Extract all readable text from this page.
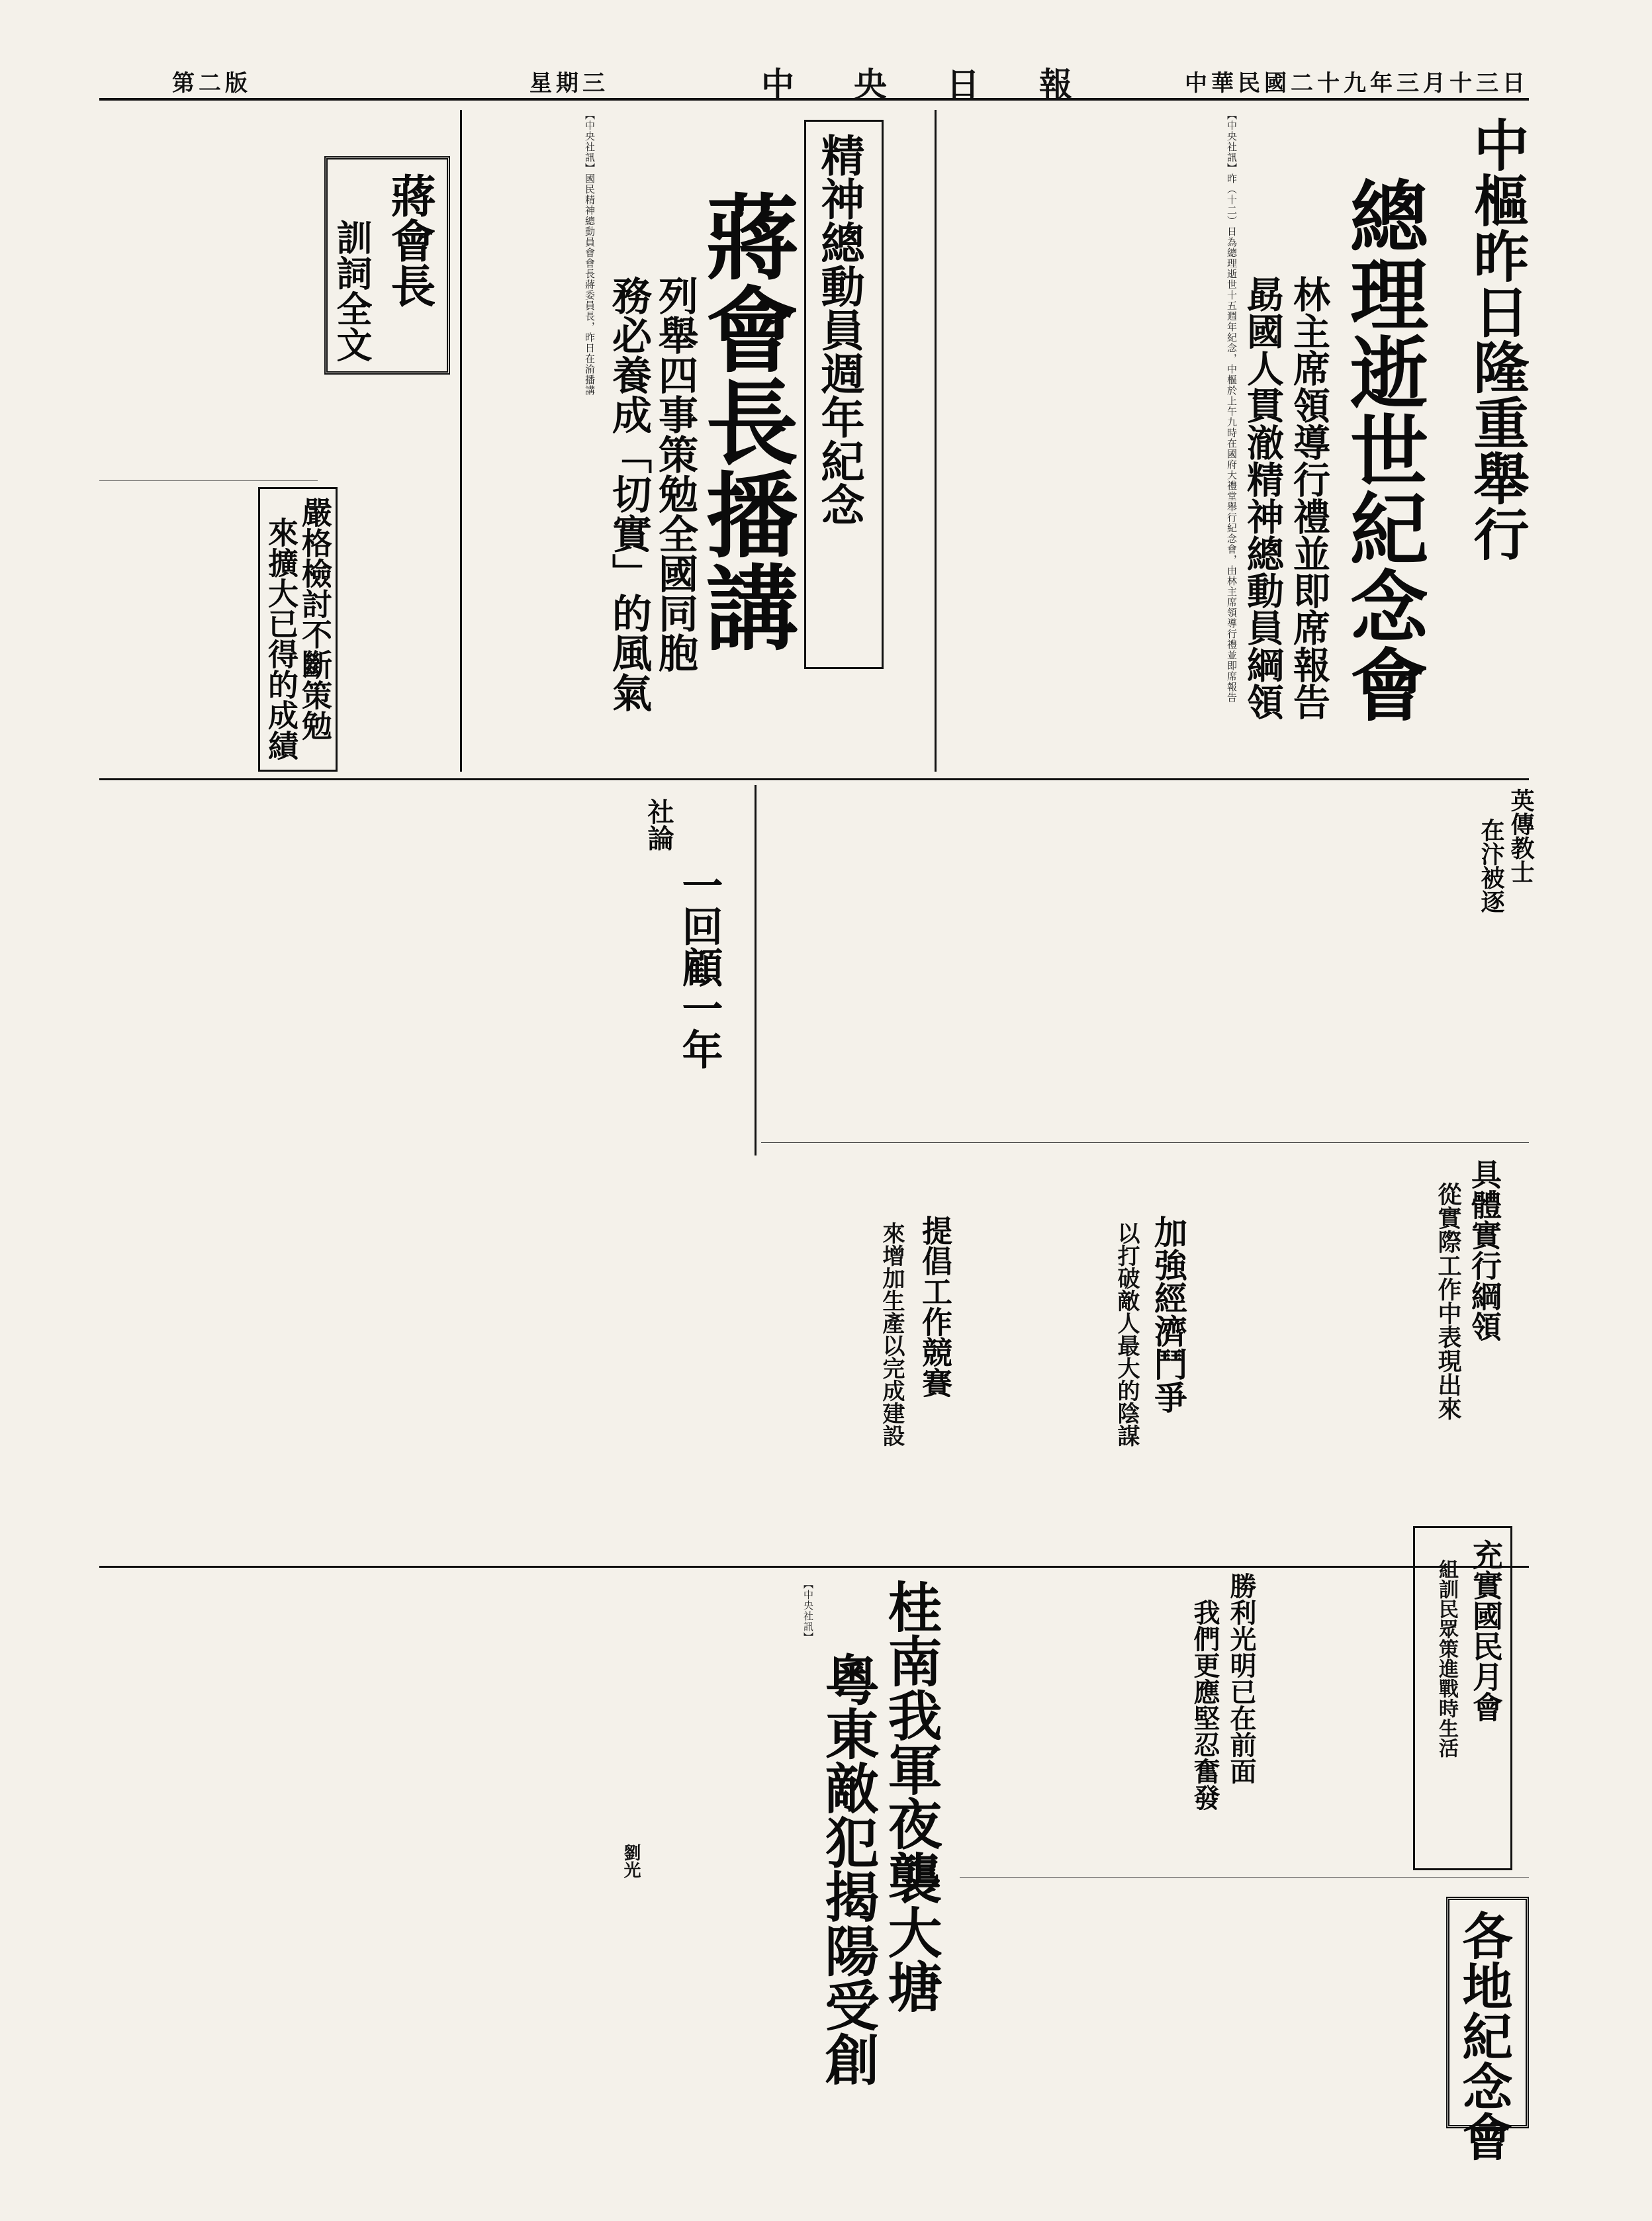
中華民國二十九年三月十三日
中　央　日　報
星期三
第二版
中樞昨日隆重舉行
總理逝世紀念會
林主席領導行禮並即席報告
勗國人貫澈精神總動員綱領
【中央社訊】昨（十二）日為總理逝世十五週年紀念，中樞於上午九時在國府大禮堂舉行紀念會，由林主席領導行禮並即席報告
精神總動員週年紀念
蔣會長播講
列舉四事策勉全國同胞
務必養成「切實」的風氣
【中央社訊】國民精神總動員會會長蔣委員長，昨日在渝播講
蔣會長
訓詞全文
嚴格檢討不斷策勉
來擴大已得的成績
英傳教士
在汴被逐
社論
一回顧一年
具體實行綱領
從實際工作中表現出來
加強經濟鬥爭
以打破敵人最大的陰謀
提倡工作競賽
來增加生產以完成建設
充實國民月會
組訓民眾策進戰時生活
勝利光明已在前面
我們更應堅忍奮發
桂南我軍夜襲大塘
粵東敵犯揭陽受創
【中央社訊】
各地紀念會
劉光
